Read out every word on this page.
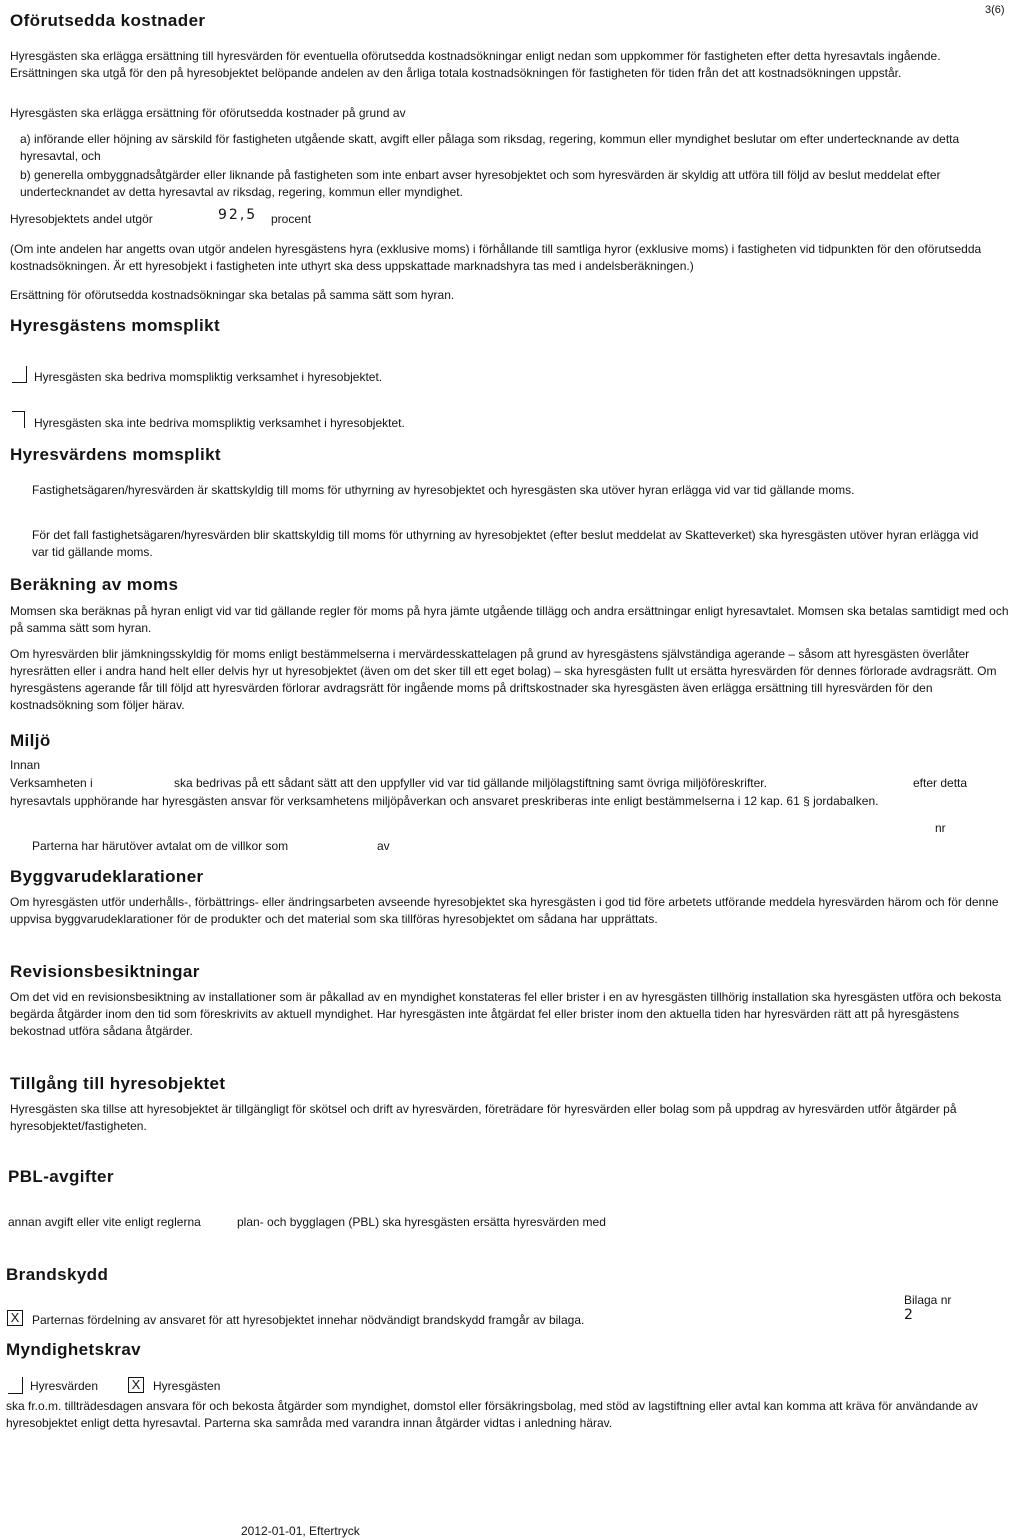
3(6)
Oförutsedda kostnader
Hyresgästen ska erlägga ersättning till hyresvärden för eventuella oförutsedda kostnadsökningar enligt nedan som uppkommer för fastigheten efter detta hyresavtals ingående. Ersättningen ska utgå för den på hyresobjektet belöpande andelen av den årliga totala kostnadsökningen för fastigheten för tiden från det att kostnadsökningen uppstår.
Hyresgästen ska erlägga ersättning för oförutsedda kostnader på grund av
a) införande eller höjning av särskild för fastigheten utgående skatt, avgift eller pålaga som riksdag, regering, kommun eller myndighet beslutar om efter undertecknande av detta hyresavtal, och
b) generella ombyggnadsåtgärder eller liknande på fastigheten som inte enbart avser hyresobjektet och som hyresvärden är skyldig att utföra till följd av beslut meddelat efter undertecknandet av detta hyresavtal av riksdag, regering, kommun eller myndighet.
Hyresobjektets andel utgör	92,5 procent
(Om inte andelen har angetts ovan utgör andelen hyresgästens hyra (exklusive moms) i förhållande till samtliga hyror (exklusive moms) i fastigheten vid tidpunkten för den oförutsedda kostnadsökningen. Är ett hyresobjekt i fastigheten inte uthyrt ska dess uppskattade marknadshyra tas med i andelsberäkningen.)
Ersättning för oförutsedda kostnadsökningar ska betalas på samma sätt som hyran.
Hyresgästens momsplikt
Hyresgästen ska bedriva momspliktig verksamhet i hyresobjektet.
Hyresgästen ska inte bedriva momspliktig verksamhet i hyresobjektet.
Hyresvärdens momsplikt
Fastighetsägaren/hyresvärden är skattskyldig till moms för uthyrning av hyresobjektet och hyresgästen ska utöver hyran erlägga vid var tid gällande moms.
För det fall fastighetsägaren/hyresvärden blir skattskyldig till moms för uthyrning av hyresobjektet (efter beslut meddelat av Skatteverket) ska hyresgästen utöver hyran erlägga vid var tid gällande moms.
Beräkning av moms
Momsen ska beräknas på hyran enligt vid var tid gällande regler för moms på hyra jämte utgående tillägg och andra ersättningar enligt hyresavtalet. Momsen ska betalas samtidigt med och på samma sätt som hyran.
Om hyresvärden blir jämkningsskyldig för moms enligt bestämmelserna i mervärdesskattelagen på grund av hyresgästens självständiga agerande – såsom att hyresgästen överlåter hyresrätten eller i andra hand helt eller delvis hyr ut hyresobjektet (även om det sker till ett eget bolag) – ska hyresgästen fullt ut ersätta hyresvärden för dennes förlorade avdragsrätt. Om hyresgästens agerande får till följd att hyresvärden förlorar avdragsrätt för ingående moms på driftskostnader ska hyresgästen även erlägga ersättning till hyresvärden för den kostnadsökning som följer härav.
Miljö
Innan
Verksamheten i	ska bedrivas på ett sådant sätt att den uppfyller vid var tid gällande miljölagstiftning samt övriga miljöföreskrifter.	efter detta
hyresavtals upphörande har hyresgästen ansvar för verksamhetens miljöpåverkan och ansvaret preskriberas inte enligt bestämmelserna i 12 kap. 61 § jordabalken.
nr
Parterna har härutöver avtalat om de villkor som	av
Byggvarudeklarationer
Om hyresgästen utför underhålls-, förbättrings- eller ändringsarbeten avseende hyresobjektet ska hyresgästen i god tid före arbetets utförande meddela hyresvärden härom och för denne uppvisa byggvarudeklarationer för de produkter och det material som ska tillföras hyresobjektet om sådana har upprättats.
Revisionsbesiktningar
Om det vid en revisionsbesiktning av installationer som är påkallad av en myndighet konstateras fel eller brister i en av hyresgästen tillhörig installation ska hyresgästen utföra och bekosta begärda åtgärder inom den tid som föreskrivits av aktuell myndighet. Har hyresgästen inte åtgärdat fel eller brister inom den aktuella tiden har hyresvärden rätt att på hyresgästens bekostnad utföra sådana åtgärder.
Tillgång till hyresobjektet
Hyresgästen ska tillse att hyresobjektet är tillgängligt för skötsel och drift av hyresvärden, företrädare för hyresvärden eller bolag som på uppdrag av hyresvärden utför åtgärder på hyresobjektet/fastigheten.
PBL-avgifter
annan avgift eller vite enligt reglerna	plan- och bygglagen (PBL) ska hyresgästen ersätta hyresvärden med
Brandskydd
Bilaga nr
X	Parternas fördelning av ansvaret för att hyresobjektet innehar nödvändigt brandskydd framgår av bilaga.	2
Myndighetskrav
Hyresvärden	X	Hyresgästen
ska fr.o.m. tillträdesdagen ansvara för och bekosta åtgärder som myndighet, domstol eller försäkringsbolag, med stöd av lagstiftning eller avtal kan komma att kräva för användande av hyresobjektet enligt detta hyresavtal. Parterna ska samråda med varandra innan åtgärder vidtas i anledning härav.
2012-01-01, Eftertryck
